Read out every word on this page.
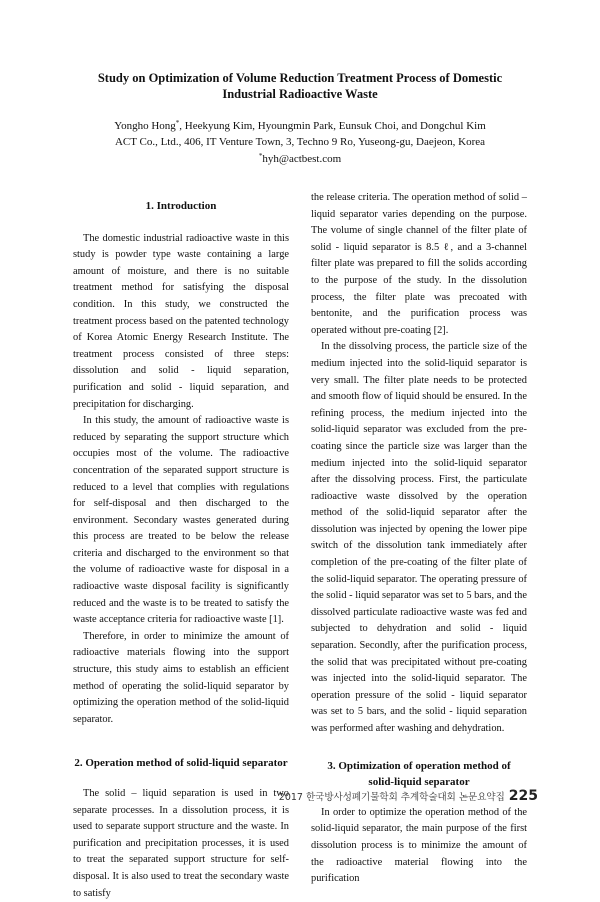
Study on Optimization of Volume Reduction Treatment Process of Domestic
Industrial Radioactive Waste
Yongho Hong*, Heekyung Kim, Hyoungmin Park, Eunsuk Choi, and Dongchul Kim
ACT Co., Ltd., 406, IT Venture Town, 3, Techno 9 Ro, Yuseong-gu, Daejeon, Korea
*hyh@actbest.com

1. Introduction

The domestic industrial radioactive waste in this study is powder type waste containing a large amount of moisture, and there is no suitable treatment method for satisfying the disposal condition. In this study, we constructed the treatment process based on the patented technology of Korea Atomic Energy Research Institute. The treatment process consisted of three steps: dissolution and solid - liquid separation, purification and solid - liquid separation, and precipitation for discharging.

In this study, the amount of radioactive waste is reduced by separating the support structure which occupies most of the volume. The radioactive concentration of the separated support structure is reduced to a level that complies with regulations for self-disposal and then discharged to the environment. Secondary wastes generated during this process are treated to be below the release criteria and discharged to the environment so that the volume of radioactive waste for disposal in a radioactive waste disposal facility is significantly reduced and the waste is to be treated to satisfy the waste acceptance criteria for radioactive waste [1].

Therefore, in order to minimize the amount of radioactive materials flowing into the support structure, this study aims to establish an efficient method of operating the solid-liquid separator by optimizing the operation method of the solid-liquid separator.

2. Operation method of solid-liquid separator

The solid – liquid separation is used in two separate processes. In a dissolution process, it is used to separate support structure and the waste. In purification and precipitation processes, it is used to treat the separated support structure for self-disposal. It is also used to treat the secondary waste to satisfy

the release criteria. The operation method of solid – liquid separator varies depending on the purpose. The volume of single channel of the filter plate of solid - liquid separator is 8.5 ℓ, and a 3-channel filter plate was prepared to fill the solids according to the purpose of the study. In the dissolution process, the filter plate was precoated with bentonite, and the purification process was operated without pre-coating [2].

In the dissolving process, the particle size of the medium injected into the solid-liquid separator is very small. The filter plate needs to be protected and smooth flow of liquid should be ensured. In the refining process, the medium injected into the solid-liquid separator was excluded from the pre-coating since the particle size was larger than the medium injected into the solid-liquid separator after the dissolving process. First, the particulate radioactive waste dissolved by the operation method of the solid-liquid separator after the dissolution was injected by opening the lower pipe switch of the dissolution tank immediately after completion of the pre-coating of the filter plate of the solid-liquid separator. The operating pressure of the solid - liquid separator was set to 5 bars, and the dissolved particulate radioactive waste was fed and subjected to dehydration and solid - liquid separation. Secondly, after the purification process, the solid that was precipitated without pre-coating was injected into the solid-liquid separator. The operation pressure of the solid - liquid separator was set to 5 bars, and the solid - liquid separation was performed after washing and dehydration.

3. Optimization of operation method of

solid-liquid separator

In order to optimize the operation method of the solid-liquid separator, the main purpose of the first dissolution process is to minimize the amount of the radioactive material flowing into the purification

2017 한국방사성폐기물학회 추계학술대회 논문요약집 225
